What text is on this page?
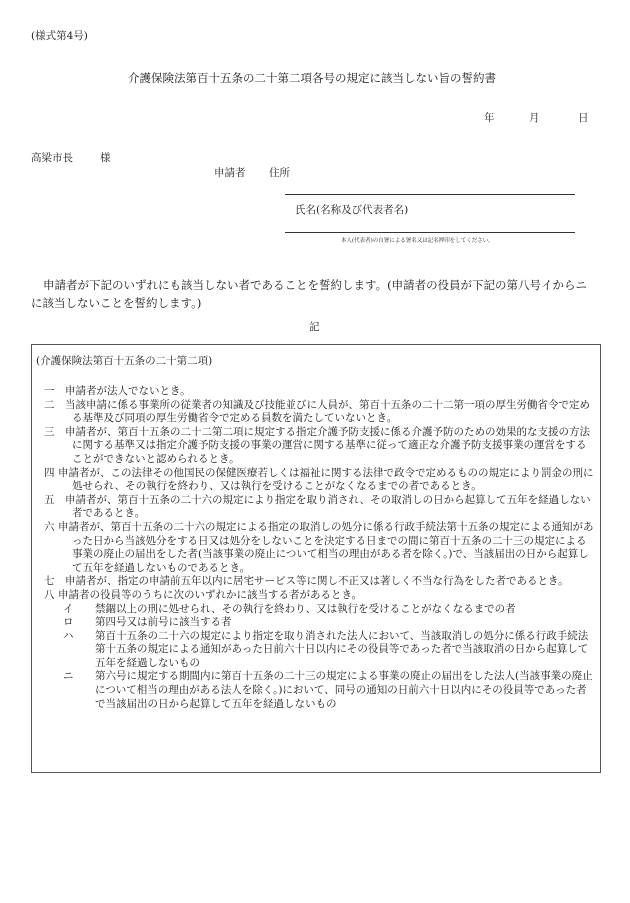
(様式第4号)
介護保険法第百十五条の二十第二項各号の規定に該当しない旨の誓約書
年	月	日
高梁市長	様
申請者 住所
氏名(名称及び代表者名)
本人(代表者)の自署による署名又は記名押印をしてください。
申請者が下記のいずれにも該当しない者であることを誓約します。(申請者の役員が下記の第八号イからニ
に該当しないことを誓約します。)
記
(介護保険法第百十五条の二十第二項)
一	申請者が法人でないとき。
二	当該申請に係る事業所の従業者の知識及び技能並びに人員が、第百十五条の二十二第一項の厚生労働省令で定める基準及び同項の厚生労働省令で定める員数を満たしていないとき。
三	申請者が、第百十五条の二十二第二項に規定する指定介護予防支援に係る介護予防のための効果的な支援の方法に関する基準又は指定介護予防支援の事業の運営に関する基準に従って適正な介護予防支援事業の運営をすることができないと認められるとき。
四 申請者が、この法律その他国民の保健医療若しくは福祉に関する法律で政令で定めるものの規定により罰金の刑に処せられ、その執行を終わり、又は執行を受けることがなくなるまでの者であるとき。
五	申請者が、第百十五条の二十六の規定により指定を取り消され、その取消しの日から起算して五年を経過しない者であるとき。
六 申請者が、第百十五条の二十六の規定による指定の取消しの処分に係る行政手続法第十五条の規定による通知があった日から当該処分をする日又は処分をしないことを決定する日までの間に第百十五条の二十三の規定による事業の廃止の届出をした者(当該事業の廃止について相当の理由がある者を除く。)で、当該届出の日から起算して五年を経過しないものであるとき。
七	申請者が、指定の申請前五年以内に居宅サービス等に関し不正又は著しく不当な行為をした者であるとき。
八 申請者の役員等のうちに次のいずれかに該当する者があるとき。
イ	禁錮以上の刑に処せられ、その執行を終わり、又は執行を受けることがなくなるまでの者
ロ	第四号又は前号に該当する者
ハ	第百十五条の二十六の規定により指定を取り消された法人において、当該取消しの処分に係る行政手続法第十五条の規定による通知があった日前六十日以内にその役員等であった者で当該取消の日から起算して五年を経過しないもの
ニ	第六号に規定する期間内に第百十五条の二十三の規定による事業の廃止の届出をした法人(当該事業の廃止について相当の理由がある法人を除く。)において、同号の通知の日前六十日以内にその役員等であった者で当該届出の日から起算して五年を経過しないもの
